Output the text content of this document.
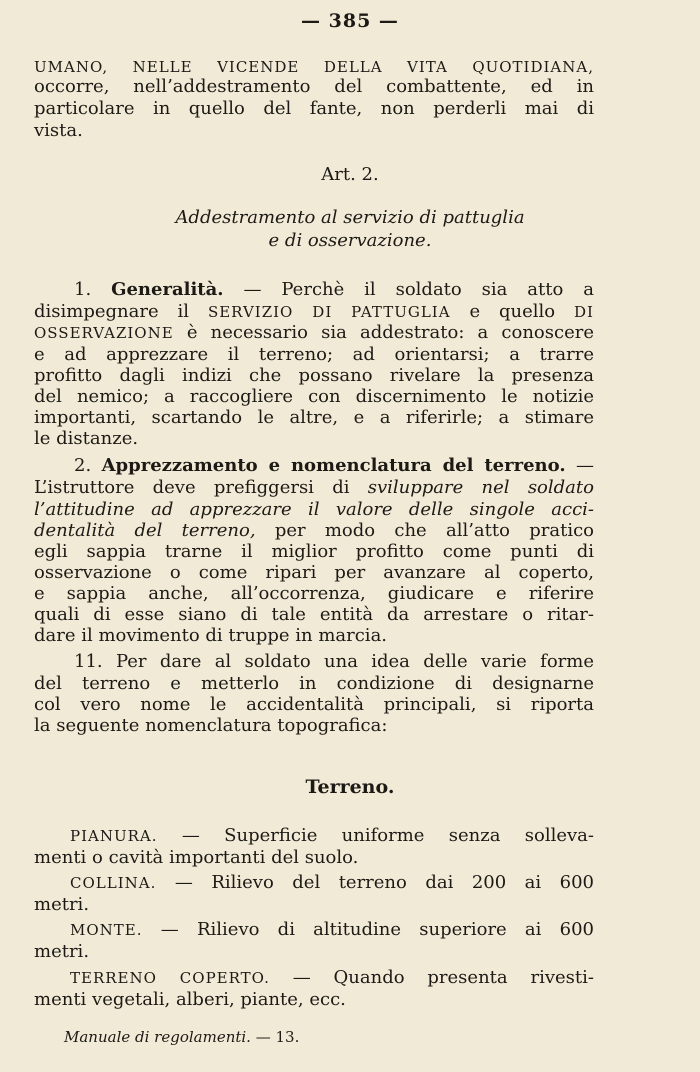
— 385 —
UMANO, NELLE VICENDE DELLA VITA QUOTIDIANA,
occorre, nell’addestramento del combattente, ed in
particolare in quello del fante, non perderli mai di
vista.
Art. 2.
Addestramento al servizio di pattuglia
e di osservazione.
1. Generalità. — Perchè il soldato sia atto a
disimpegnare il SERVIZIO DI PATTUGLIA e quello DI
OSSERVAZIONE è necessario sia addestrato: a conoscere
e ad apprezzare il terreno; ad orientarsi; a trarre
profitto dagli indizi che possano rivelare la presenza
del nemico; a raccogliere con discernimento le notizie
importanti, scartando le altre, e a riferirle; a stimare
le distanze.
2. Apprezzamento e nomenclatura del terreno. —
L’istruttore deve prefiggersi di sviluppare nel soldato
l’attitudine ad apprezzare il valore delle singole acci-
dentalità del terreno, per modo che all’atto pratico
egli sappia trarne il miglior profitto come punti di
osservazione o come ripari per avanzare al coperto,
e sappia anche, all’occorrenza, giudicare e riferire
quali di esse siano di tale entità da arrestare o ritar-
dare il movimento di truppe in marcia.
11. Per dare al soldato una idea delle varie forme
del terreno e metterlo in condizione di designarne
col vero nome le accidentalità principali, si riporta
la seguente nomenclatura topografica:
Terreno.
PIANURA. — Superficie uniforme senza solleva-
menti o cavità importanti del suolo.
COLLINA. — Rilievo del terreno dai 200 ai 600
metri.
MONTE. — Rilievo di altitudine superiore ai 600
metri.
TERRENO COPERTO. — Quando presenta rivesti-
menti vegetali, alberi, piante, ecc.
Manuale di regolamenti. — 13.
